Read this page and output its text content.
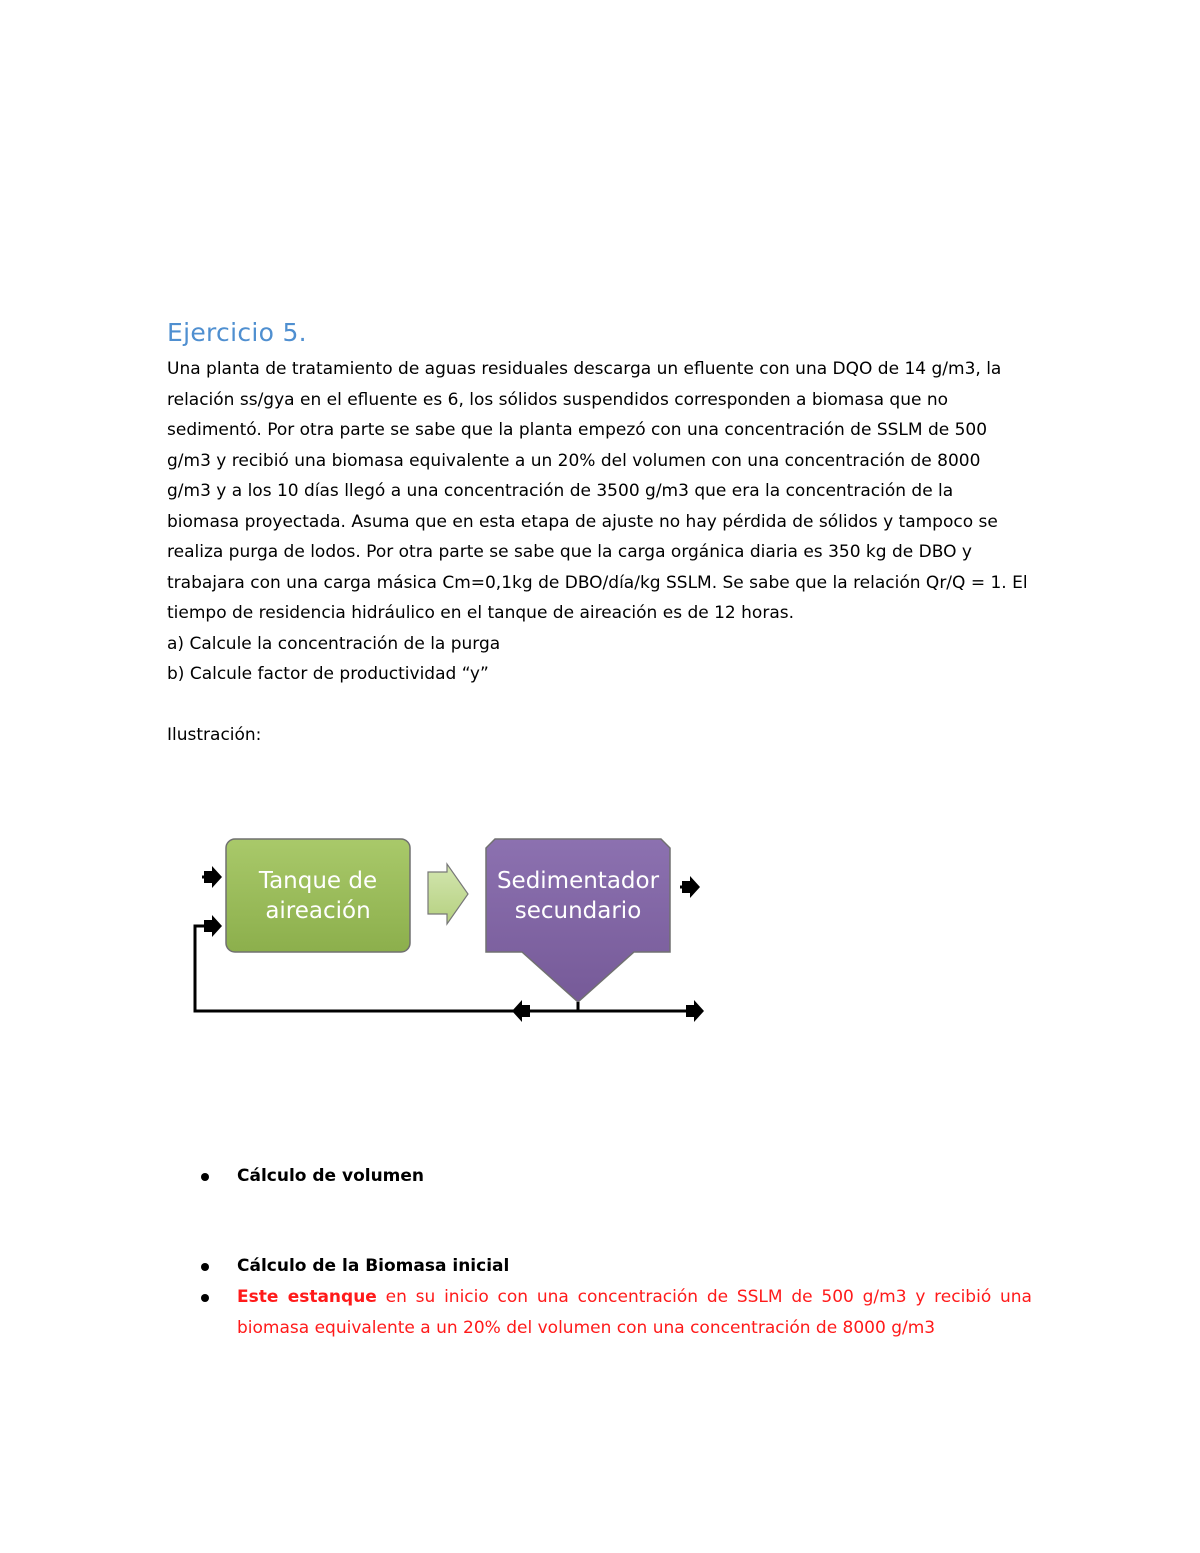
Ejercicio 5.

Una planta de tratamiento de aguas residuales descarga un efluente con una DQO de 14 g/m3, la
relación ss/gya en el efluente es 6, los sólidos suspendidos corresponden a biomasa que no
sedimentó. Por otra parte se sabe que la planta empezó con una concentración de SSLM de 500
g/m3 y recibió una biomasa equivalente a un 20% del volumen con una concentración de 8000
g/m3 y a los 10 días llegó a una concentración de 3500 g/m3 que era la concentración de la
biomasa proyectada. Asuma que en esta etapa de ajuste no hay pérdida de sólidos y tampoco se
realiza purga de lodos. Por otra parte se sabe que la carga orgánica diaria es 350 kg de DBO y
trabajara con una carga másica Cm=0,1kg de DBO/día/kg SSLM. Se sabe que la relación Qr/Q = 1. El
tiempo de residencia hidráulico en el tanque de aireación es de 12 horas.
a) Calcule la concentración de la purga
b) Calcule factor de productividad “y”

Ilustración:

Tanque de
aireación
Sedimentador
secundario
Cálculo de volumen
Cálculo de la Biomasa inicial
Este estanque en su inicio con una concentración de SSLM de 500 g/m3 y recibió una biomasa equivalente a un 20% del volumen con una concentración de 8000 g/m3
